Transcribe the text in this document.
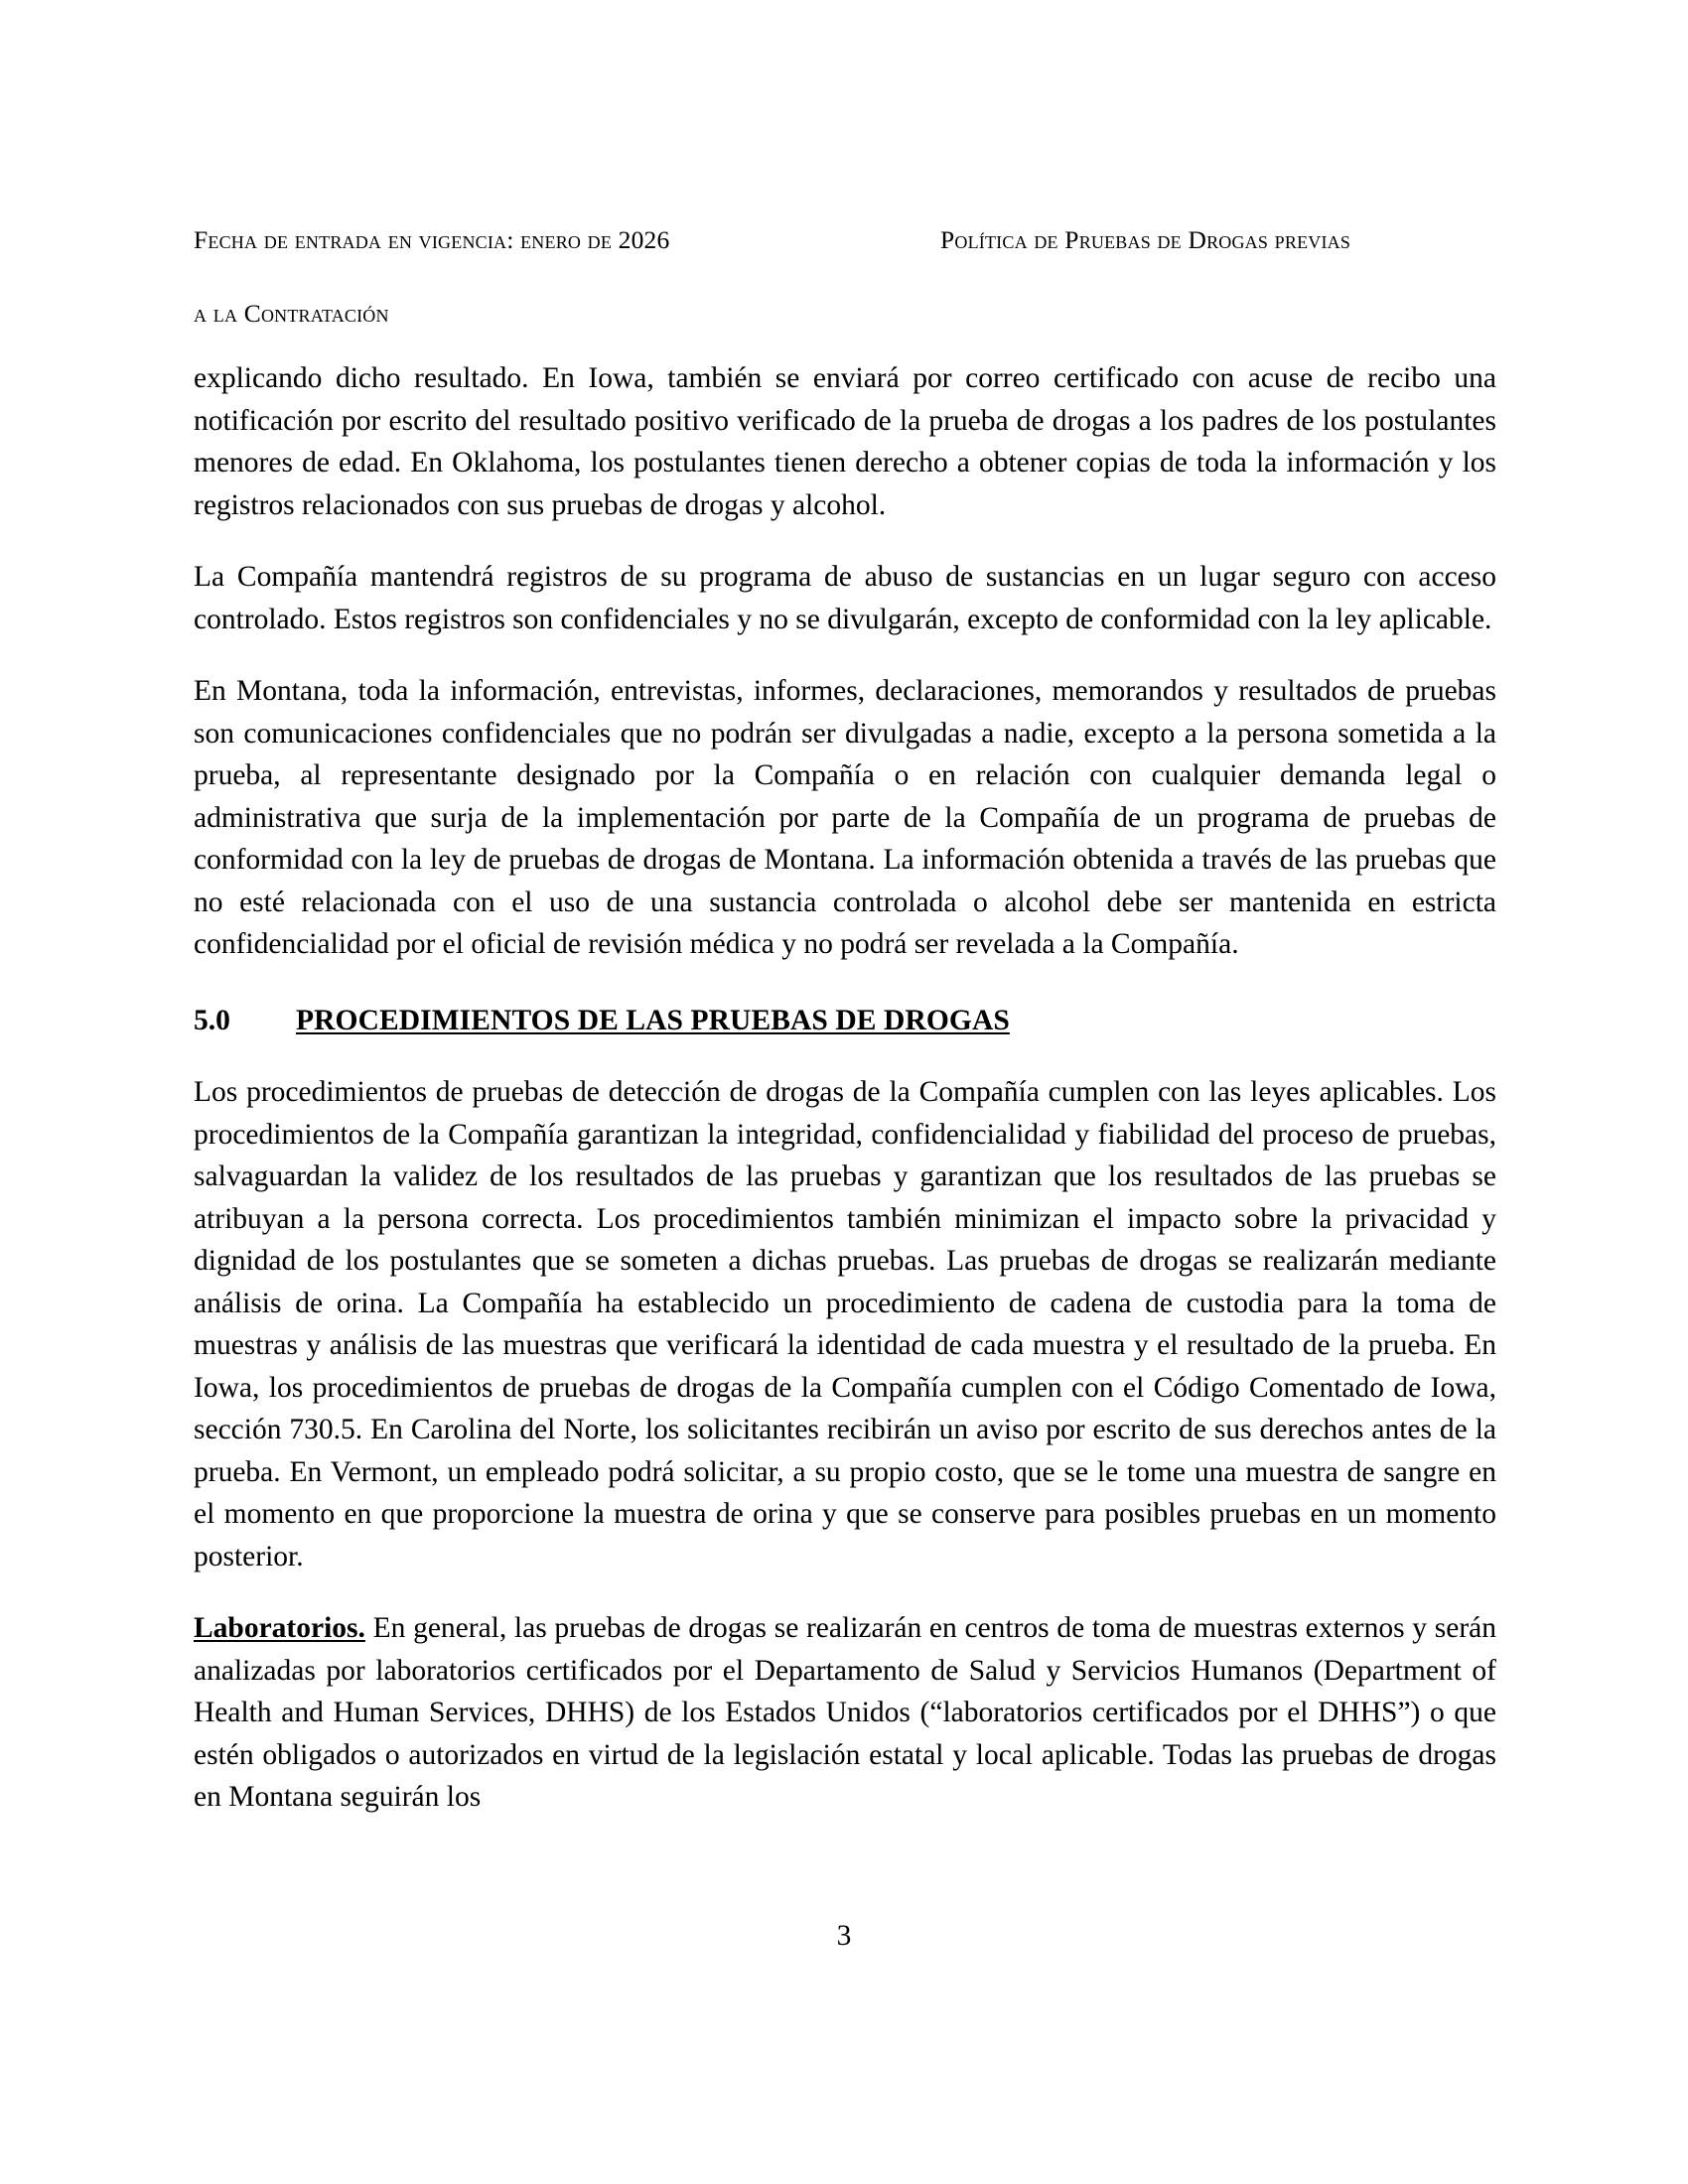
Fecha de entrada en vigencia: enero de 2026

a la Contratación

Política de Pruebas de Drogas previas

explicando dicho resultado. En Iowa, también se enviará por correo certificado con acuse de recibo una notificación por escrito del resultado positivo verificado de la prueba de drogas a los padres de los postulantes menores de edad. En Oklahoma, los postulantes tienen derecho a obtener copias de toda la información y los registros relacionados con sus pruebas de drogas y alcohol.

La Compañía mantendrá registros de su programa de abuso de sustancias en un lugar seguro con acceso controlado. Estos registros son confidenciales y no se divulgarán, excepto de conformidad con la ley aplicable.

En Montana, toda la información, entrevistas, informes, declaraciones, memorandos y resultados de pruebas son comunicaciones confidenciales que no podrán ser divulgadas a nadie, excepto a la persona sometida a la prueba, al representante designado por la Compañía o en relación con cualquier demanda legal o administrativa que surja de la implementación por parte de la Compañía de un programa de pruebas de conformidad con la ley de pruebas de drogas de Montana. La información obtenida a través de las pruebas que no esté relacionada con el uso de una sustancia controlada o alcohol debe ser mantenida en estricta confidencialidad por el oficial de revisión médica y no podrá ser revelada a la Compañía.

5.0	PROCEDIMIENTOS DE LAS PRUEBAS DE DROGAS

Los procedimientos de pruebas de detección de drogas de la Compañía cumplen con las leyes aplicables. Los procedimientos de la Compañía garantizan la integridad, confidencialidad y fiabilidad del proceso de pruebas, salvaguardan la validez de los resultados de las pruebas y garantizan que los resultados de las pruebas se atribuyan a la persona correcta. Los procedimientos también minimizan el impacto sobre la privacidad y dignidad de los postulantes que se someten a dichas pruebas. Las pruebas de drogas se realizarán mediante análisis de orina. La Compañía ha establecido un procedimiento de cadena de custodia para la toma de muestras y análisis de las muestras que verificará la identidad de cada muestra y el resultado de la prueba. En Iowa, los procedimientos de pruebas de drogas de la Compañía cumplen con el Código Comentado de Iowa, sección 730.5. En Carolina del Norte, los solicitantes recibirán un aviso por escrito de sus derechos antes de la prueba. En Vermont, un empleado podrá solicitar, a su propio costo, que se le tome una muestra de sangre en el momento en que proporcione la muestra de orina y que se conserve para posibles pruebas en un momento posterior.

Laboratorios. En general, las pruebas de drogas se realizarán en centros de toma de muestras externos y serán analizadas por laboratorios certificados por el Departamento de Salud y Servicios Humanos (Department of Health and Human Services, DHHS) de los Estados Unidos (“laboratorios certificados por el DHHS”) o que estén obligados o autorizados en virtud de la legislación estatal y local aplicable. Todas las pruebas de drogas en Montana seguirán los

3
